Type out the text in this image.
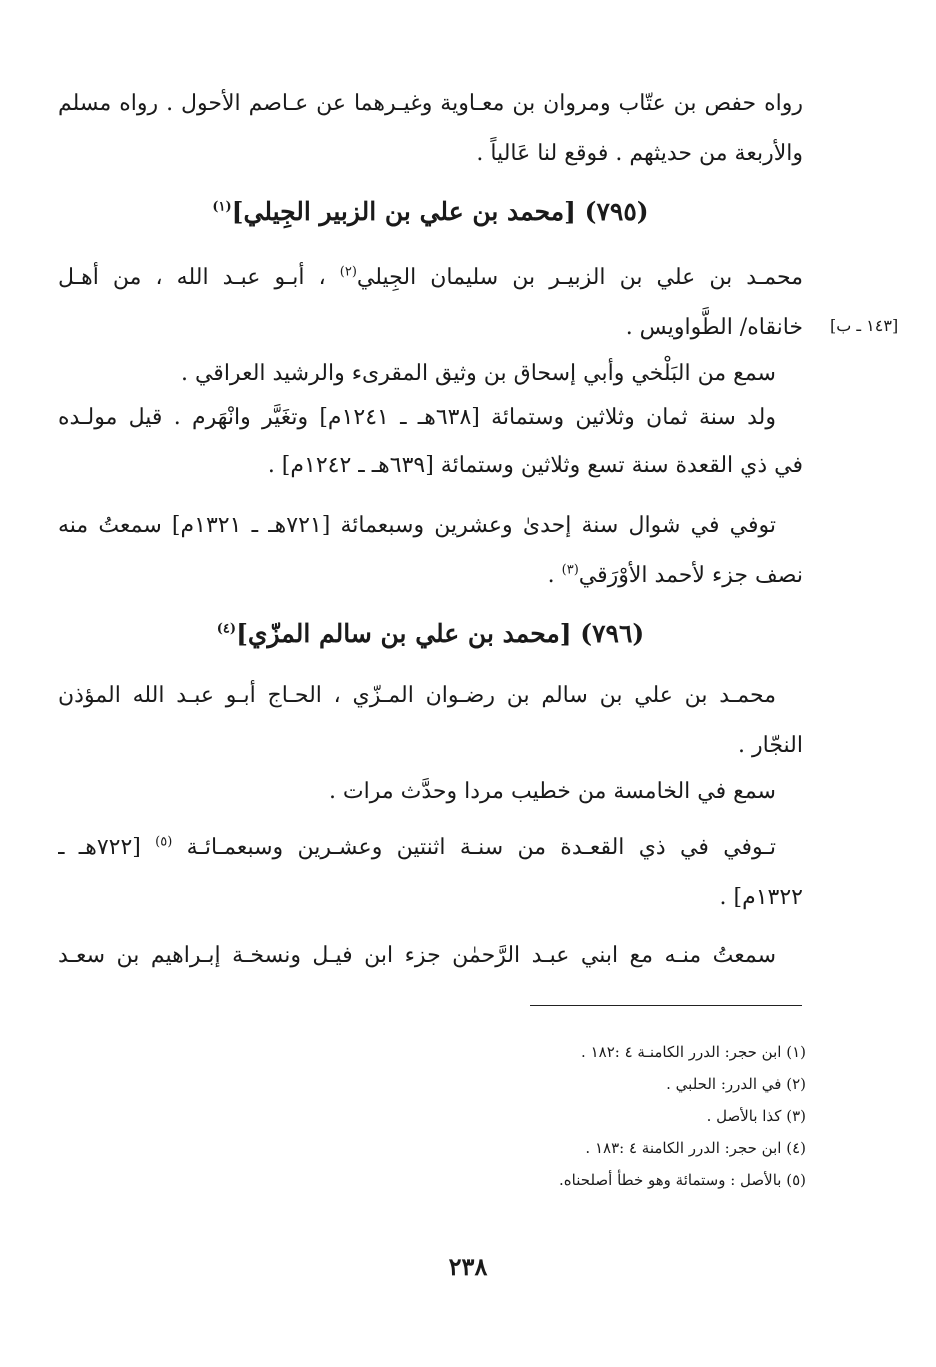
رواه حفص بن عتّاب ومروان بن معـاوية وغيـرهما عن عـاصم الأحول . رواه مسلم
والأربعة من حديثهم . فوقع لنا عَالياً .
(٧٩٥) [محمد بن علي بن الزبير الجِيلي]$^{(١)}$
محمـد بن علي بن الزبيـر بن سليمان الجِيلي$^{(٢)}$ ، أبـو عبـد الله ، من أهـل
خانقاه/ الطَّواويس . [١٤٣ ـ ب]
سمع من البَلْخي وأبي إسحاق بن وثيق المقرىء والرشيد العراقي .
ولد سنة ثمان وثلاثين وستمائة [٦٣٨هـ ـ ١٢٤١م] وتغَيَّر وانْهَرم . قيل مولـده
في ذي القعدة سنة تسع وثلاثين وستمائة [٦٣٩هـ ـ ١٢٤٢م] .
توفي في شوال سنة إحدىٰ وعشرين وسبعمائة [٧٢١هـ ـ ١٣٢١م] سمعتُ منه
نصف جزء لأحمد الأوْرَقي$^{(٣)}$ .
(٧٩٦) [محمد بن علي بن سالم المزّي]$^{(٤)}$
محمـد بن علي بن سالم بن رضـوان المـزّي ، الحـاج أبـو عبـد الله المؤذن
النجّار .
سمع في الخامسة من خطيب مردا وحدَّث مرات .
تـوفي في ذي القعـدة من سنـة اثنتين وعشـرين وسبعمـائـة $^{(٥)}$ [٧٢٢هـ ـ
١٣٢٢م] .
سمعتُ منـه مع ابني عبـد الرَّحمٰن جزء ابن فيـل ونسخـة إبـراهيم بن سعـد
(١) ابن حجر: الدرر الكامنـة ٤ :١٨٢ .
(٢) في الدرر: الحلبي .
(٣) كذا بالأصل .
(٤) ابن حجر: الدرر الكامنة ٤ :١٨٣ .
(٥) بالأصل : وستمائة وهو خطأ أصلحناه.
٢٣٨
